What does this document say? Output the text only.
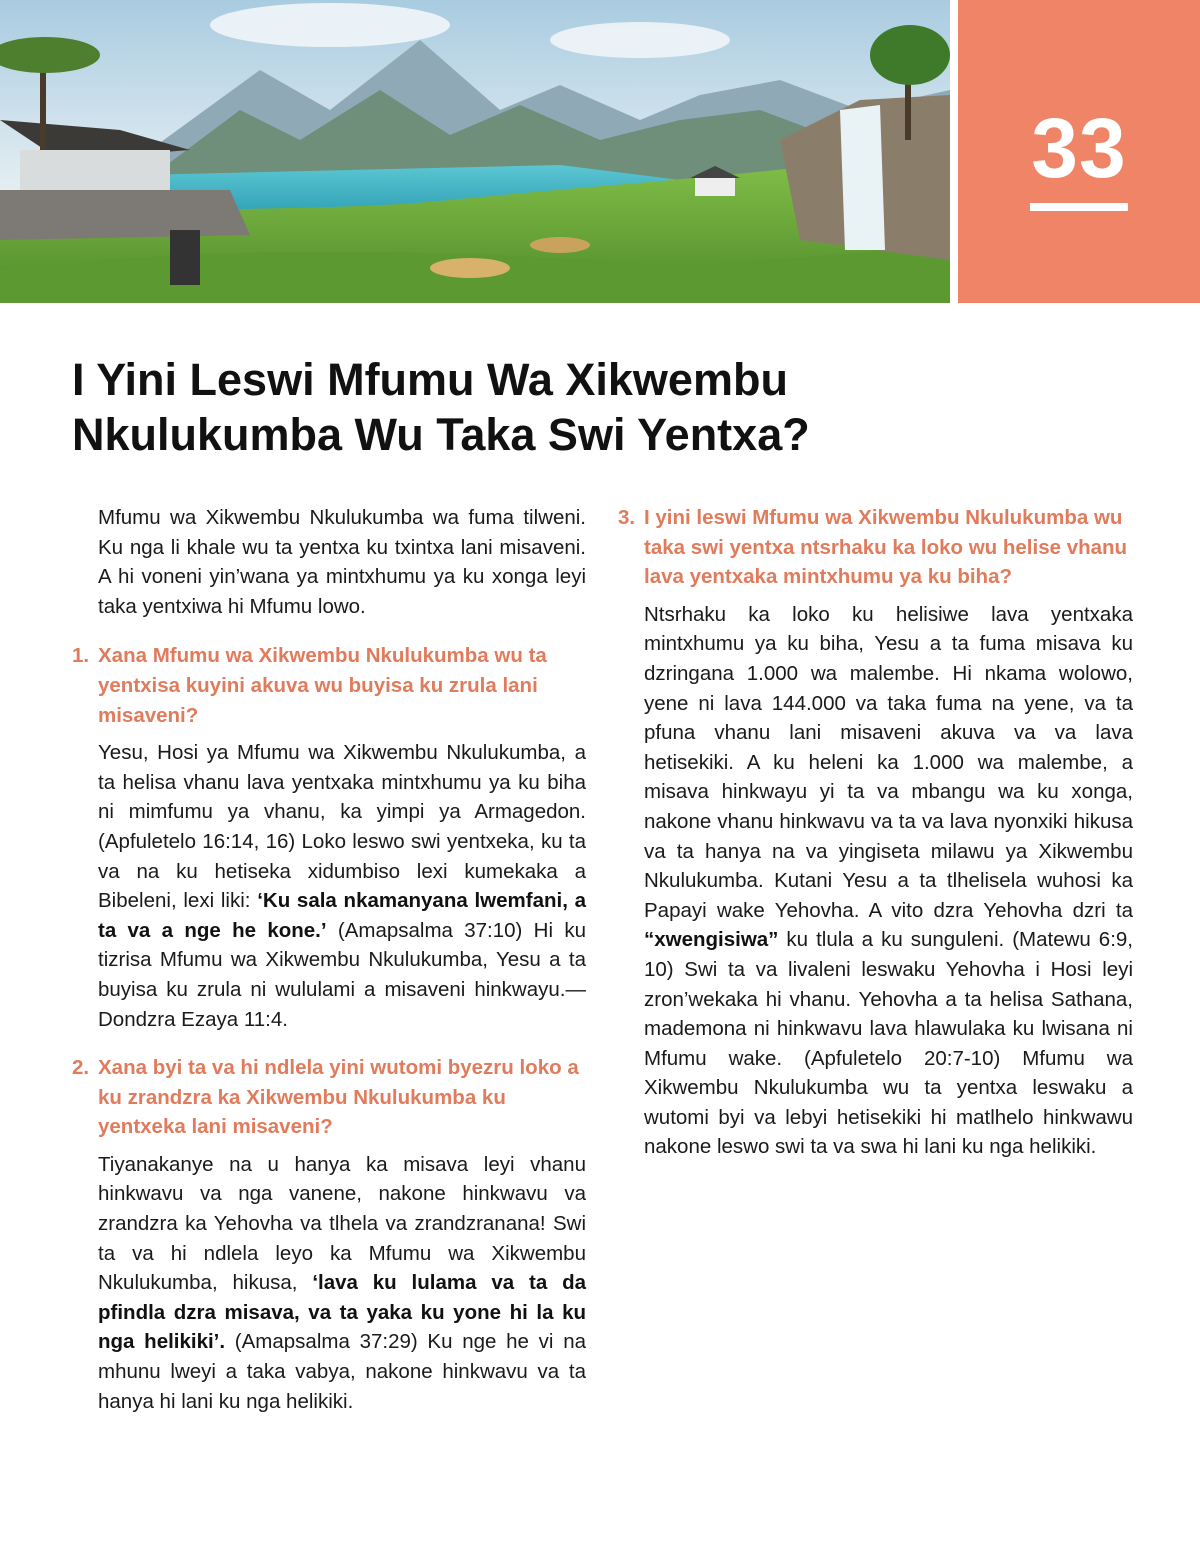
33
I Yini Leswi Mfumu Wa Xikwembu
Nkulukumba Wu Taka Swi Yentxa?

Mfumu wa Xikwembu Nkulukumba wa fuma tilweni. Ku nga li khale wu ta yentxa ku txintxa lani misaveni. A hi voneni yin’wana ya mintxhumu ya ku xonga leyi taka yentxiwa hi Mfumu lowo.

1. Xana Mfumu wa Xikwembu Nkulukumba wu ta yentxisa kuyini akuva wu buyisa ku zrula lani misaveni?

Yesu, Hosi ya Mfumu wa Xikwembu Nkulukumba, a ta helisa vhanu lava yentxaka mintxhumu ya ku biha ni mimfumu ya vhanu, ka yimpi ya Armagedon. (Apfuletelo 16:14, 16) Loko leswo swi yentxeka, ku ta va na ku hetiseka xidumbiso lexi kumekaka a Bibeleni, lexi liki: ‘Ku sala nkamanyana lwemfani, a ta va a nge he kone.’ (Amapsalma 37:10) Hi ku tizrisa Mfumu wa Xikwembu Nkulukumba, Yesu a ta buyisa ku zrula ni wululami a misaveni hinkwayu.—Dondzra Ezaya 11:4.

2. Xana byi ta va hi ndlela yini wutomi byezru loko a ku zrandzra ka Xikwembu Nkulukumba ku yentxeka lani misaveni?

Tiyanakanye na u hanya ka misava leyi vhanu hinkwavu va nga vanene, nakone hinkwavu va zrandzra ka Yehovha va tlhela va zrandzranana! Swi ta va hi ndlela leyo ka Mfumu wa Xikwembu Nkulukumba, hikusa, ‘lava ku lulama va ta da pfindla dzra misava, va ta yaka ku yone hi la ku nga helikiki’. (Amapsalma 37:29) Ku nge he vi na mhunu lweyi a taka vabya, nakone hinkwavu va ta hanya hi lani ku nga helikiki.

3. I yini leswi Mfumu wa Xikwembu Nkulukumba wu taka swi yentxa ntsrhaku ka loko wu helise vhanu lava yentxaka mintxhumu ya ku biha?

Ntsrhaku ka loko ku helisiwe lava yentxaka mintxhumu ya ku biha, Yesu a ta fuma misava ku dzringana 1.000 wa malembe. Hi nkama wolowo, yene ni lava 144.000 va taka fuma na yene, va ta pfuna vhanu lani misaveni akuva va va lava hetisekiki. A ku heleni ka 1.000 wa malembe, a misava hinkwayu yi ta va mbangu wa ku xonga, nakone vhanu hinkwavu va ta va lava nyonxiki hikusa va ta hanya na va yingiseta milawu ya Xikwembu Nkulukumba. Kutani Yesu a ta tlhelisela wuhosi ka Papayi wake Yehovha. A vito dzra Yehovha dzri ta “xwengisiwa” ku tlula a ku sunguleni. (Matewu 6:9, 10) Swi ta va livaleni leswaku Yehovha i Hosi leyi zron’wekaka hi vhanu. Yehovha a ta helisa Sathana, mademona ni hinkwavu lava hlawulaka ku lwisana ni Mfumu wake. (Apfuletelo 20:7-10) Mfumu wa Xikwembu Nkulukumba wu ta yentxa leswaku a wutomi byi va lebyi hetisekiki hi matlhelo hinkwawu nakone leswo swi ta va swa hi lani ku nga helikiki.
